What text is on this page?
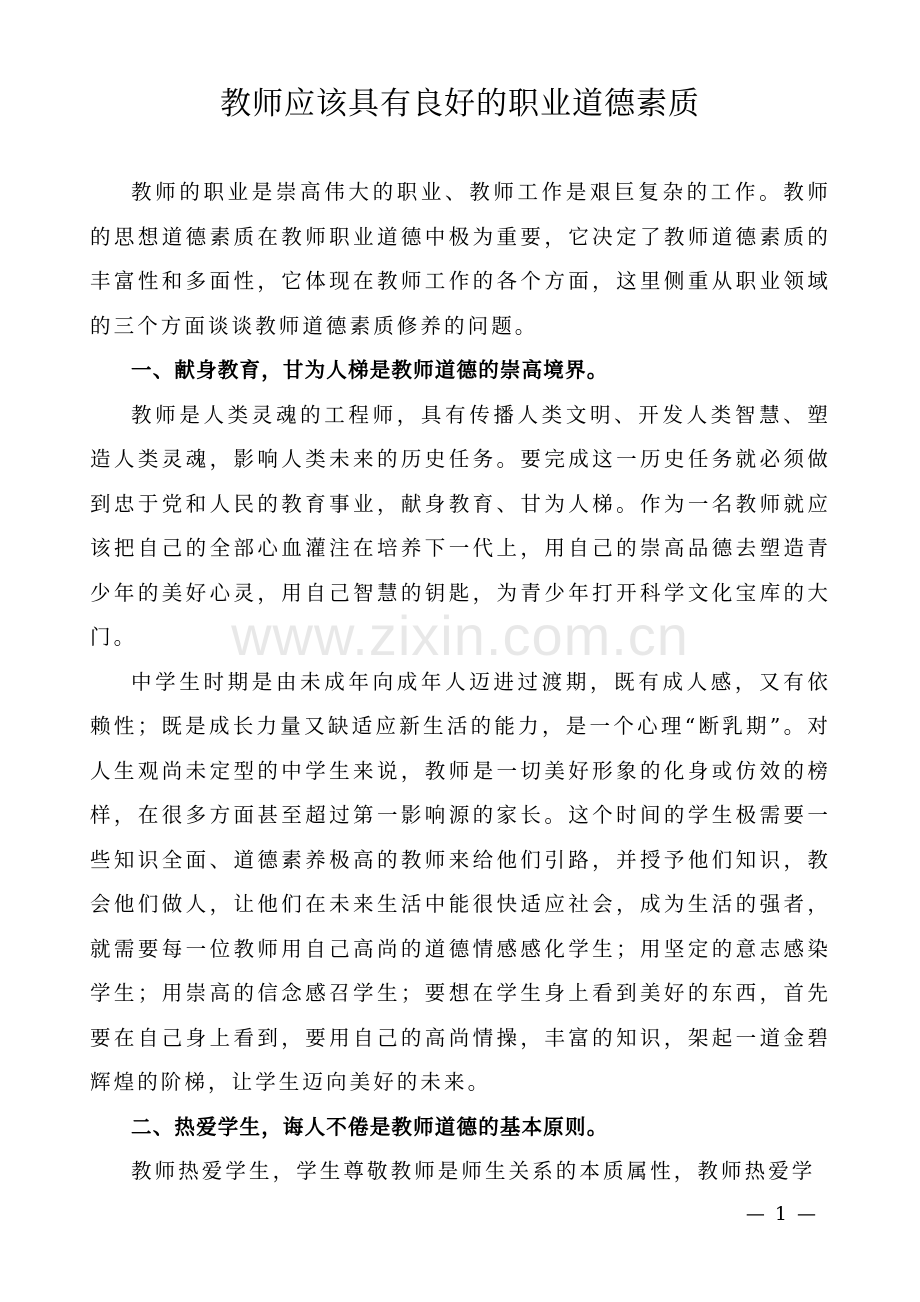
教师应该具有良好的职业道德素质

教师的职业是崇高伟大的职业、教师工作是艰巨复杂的工作。教师的思想道德素质在教师职业道德中极为重要，它决定了教师道德素质的丰富性和多面性，它体现在教师工作的各个方面，这里侧重从职业领域的三个方面谈谈教师道德素质修养的问题。

一、献身教育，甘为人梯是教师道德的崇高境界。

教师是人类灵魂的工程师，具有传播人类文明、开发人类智慧、塑造人类灵魂，影响人类未来的历史任务。要完成这一历史任务就必须做到忠于党和人民的教育事业，献身教育、甘为人梯。作为一名教师就应该把自己的全部心血灌注在培养下一代上，用自己的崇高品德去塑造青少年的美好心灵，用自己智慧的钥匙，为青少年打开科学文化宝库的大门。

中学生时期是由未成年向成年人迈进过渡期，既有成人感，又有依赖性；既是成长力量又缺适应新生活的能力，是一个心理“断乳期”。对人生观尚未定型的中学生来说，教师是一切美好形象的化身或仿效的榜样，在很多方面甚至超过第一影响源的家长。这个时间的学生极需要一些知识全面、道德素养极高的教师来给他们引路，并授予他们知识，教会他们做人，让他们在未来生活中能很快适应社会，成为生活的强者，就需要每一位教师用自己高尚的道德情感感化学生；用坚定的意志感染学生；用崇高的信念感召学生；要想在学生身上看到美好的东西，首先要在自己身上看到，要用自己的高尚情操，丰富的知识，架起一道金碧辉煌的阶梯，让学生迈向美好的未来。

二、热爱学生，诲人不倦是教师道德的基本原则。

教师热爱学生，学生尊敬教师是师生关系的本质属性，教师热爱学

www.zixin.com.cn
— 1 —
